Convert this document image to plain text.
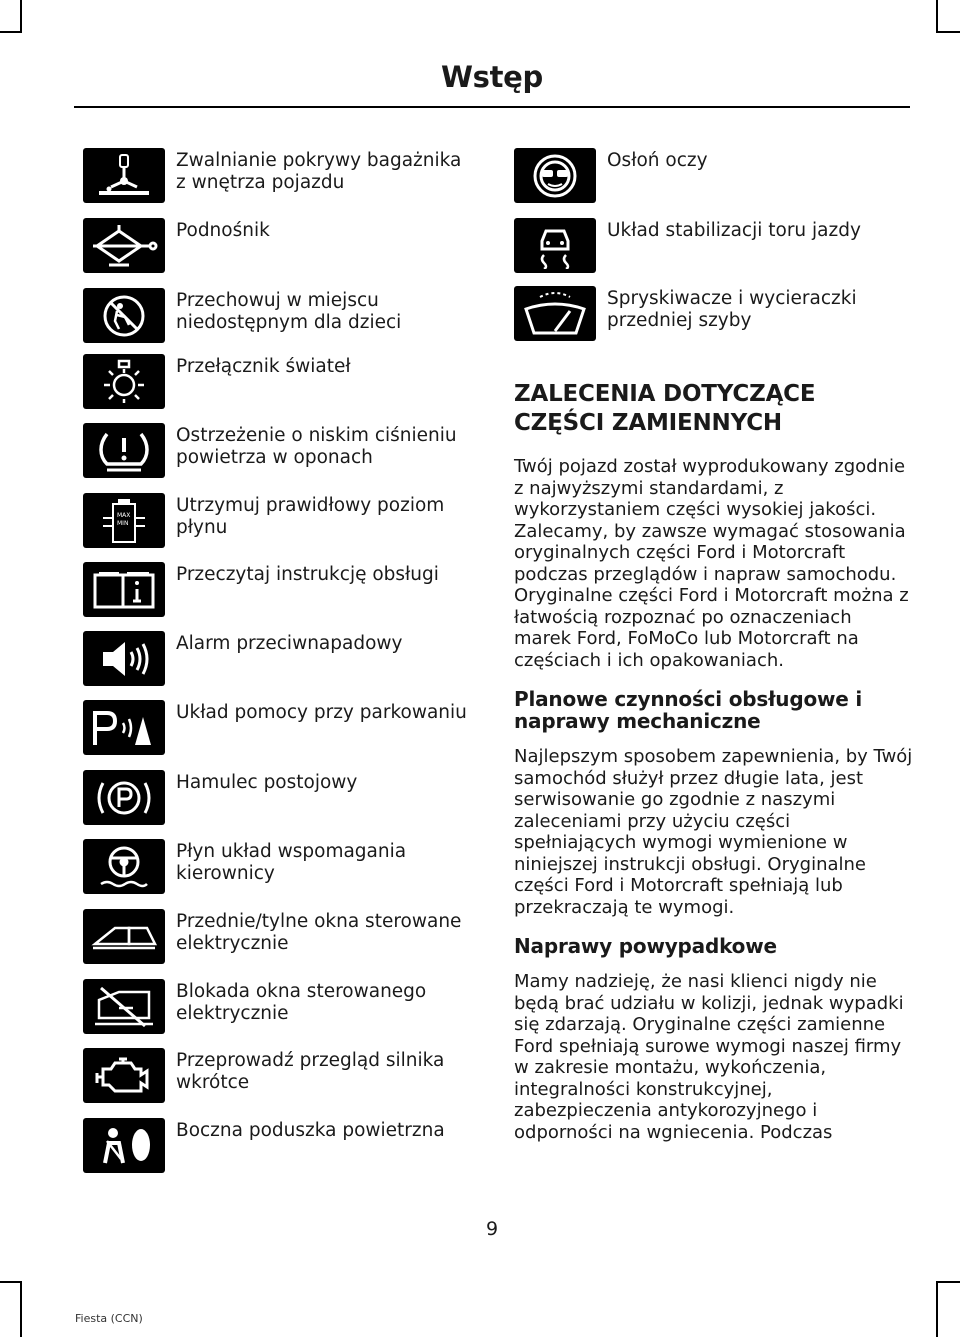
Wstęp
Zwalnianie pokrywy bagażnika z wnętrza pojazdu
Podnośnik
Przechowuj w miejscu niedostępnym dla dzieci
Przełącznik świateł
Ostrzeżenie o niskim ciśnieniu powietrza w oponach
MAX
MIN
Utrzymuj prawidłowy poziom płynu
Przeczytaj instrukcję obsługi
Alarm przeciwnapadowy
Układ pomocy przy parkowaniu
Hamulec postojowy
Płyn układ wspomagania kierownicy
Przednie/tylne okna sterowane elektrycznie
Blokada okna sterowanego elektrycznie
Przeprowadź przegląd silnika wkrótce
Boczna poduszka powietrzna
Osłoń oczy
Układ stabilizacji toru jazdy
Spryskiwacze i wycieraczki przedniej szyby
ZALECENIA DOTYCZĄCE CZĘŚCI ZAMIENNYCH

Twój pojazd został wyprodukowany zgodnie z najwyższymi standardami, z wykorzystaniem części wysokiej jakości. Zalecamy, by zawsze wymagać stosowania oryginalnych części Ford i Motorcraft podczas przeglądów i napraw samochodu. Oryginalne części Ford i Motorcraft można z łatwością rozpoznać po oznaczeniach marek Ford, FoMoCo lub Motorcraft na częściach i ich opakowaniach.

Planowe czynności obsługowe i naprawy mechaniczne

Najlepszym sposobem zapewnienia, by Twój samochód służył przez długie lata, jest serwisowanie go zgodnie z naszymi zaleceniami przy użyciu części spełniających wymogi wymienione w niniejszej instrukcji obsługi. Oryginalne części Ford i Motorcraft spełniają lub przekraczają te wymogi.

Naprawy powypadkowe

Mamy nadzieję, że nasi klienci nigdy nie będą brać udziału w kolizji, jednak wypadki się zdarzają. Oryginalne części zamienne Ford spełniają surowe wymogi naszej firmy w zakresie montażu, wykończenia, integralności konstrukcyjnej, zabezpieczenia antykorozyjnego i odporności na wgniecenia. Podczas

9
Fiesta (CCN)
